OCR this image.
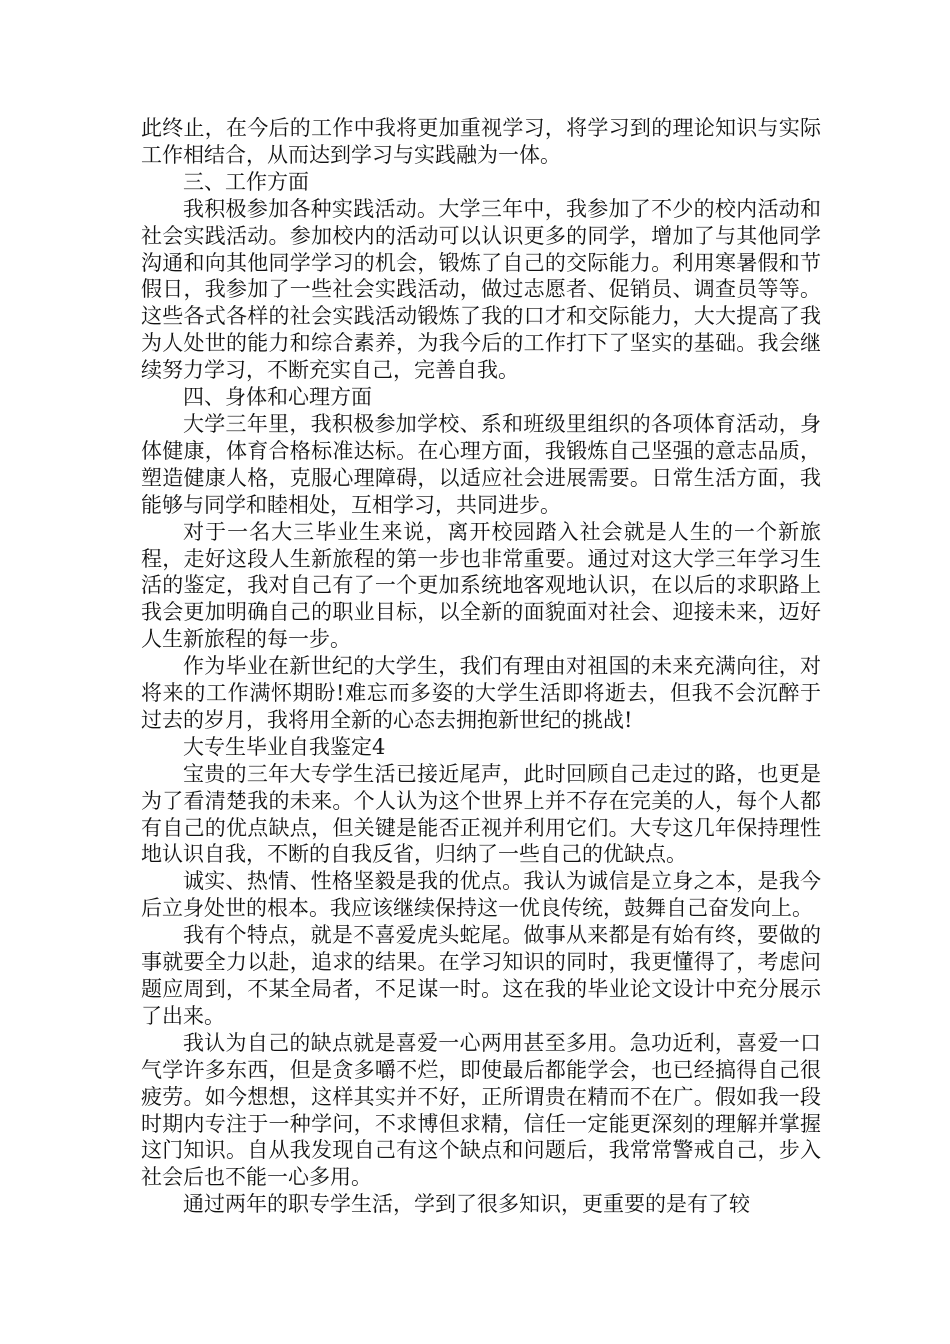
此终止，在今后的工作中我将更加重视学习，将学习到的理论知识与实际工作相结合，从而达到学习与实践融为一体。

三、工作方面

我积极参加各种实践活动。大学三年中，我参加了不少的校内活动和社会实践活动。参加校内的活动可以认识更多的同学，增加了与其他同学沟通和向其他同学学习的机会，锻炼了自己的交际能力。利用寒暑假和节假日，我参加了一些社会实践活动，做过志愿者、促销员、调查员等等。这些各式各样的社会实践活动锻炼了我的口才和交际能力，大大提高了我为人处世的能力和综合素养，为我今后的工作打下了坚实的基础。我会继续努力学习，不断充实自己，完善自我。

四、身体和心理方面

大学三年里，我积极参加学校、系和班级里组织的各项体育活动，身体健康，体育合格标准达标。在心理方面，我锻炼自己坚强的意志品质，塑造健康人格，克服心理障碍，以适应社会进展需要。日常生活方面，我能够与同学和睦相处，互相学习，共同进步。

对于一名大三毕业生来说，离开校园踏入社会就是人生的一个新旅程，走好这段人生新旅程的第一步也非常重要。通过对这大学三年学习生活的鉴定，我对自己有了一个更加系统地客观地认识，在以后的求职路上我会更加明确自己的职业目标，以全新的面貌面对社会、迎接未来，迈好人生新旅程的每一步。

作为毕业在新世纪的大学生，我们有理由对祖国的未来充满向往，对将来的工作满怀期盼!难忘而多姿的大学生活即将逝去，但我不会沉醉于过去的岁月，我将用全新的心态去拥抱新世纪的挑战!

大专生毕业自我鉴定4

宝贵的三年大专学生活已接近尾声，此时回顾自己走过的路，也更是为了看清楚我的未来。个人认为这个世界上并不存在完美的人，每个人都有自己的优点缺点，但关键是能否正视并利用它们。大专这几年保持理性地认识自我，不断的自我反省，归纳了一些自己的优缺点。

诚实、热情、性格坚毅是我的优点。我认为诚信是立身之本，是我今后立身处世的根本。我应该继续保持这一优良传统，鼓舞自己奋发向上。

我有个特点，就是不喜爱虎头蛇尾。做事从来都是有始有终，要做的事就要全力以赴，追求的结果。在学习知识的同时，我更懂得了，考虑问题应周到，不某全局者，不足谋一时。这在我的毕业论文设计中充分展示了出来。

我认为自己的缺点就是喜爱一心两用甚至多用。急功近利，喜爱一口气学许多东西，但是贪多嚼不烂，即使最后都能学会，也已经搞得自己很疲劳。如今想想，这样其实并不好，正所谓贵在精而不在广。假如我一段时期内专注于一种学问，不求博但求精，信任一定能更深刻的理解并掌握这门知识。自从我发现自己有这个缺点和问题后，我常常警戒自己，步入社会后也不能一心多用。

通过两年的职专学生活，学到了很多知识，更重要的是有了较
